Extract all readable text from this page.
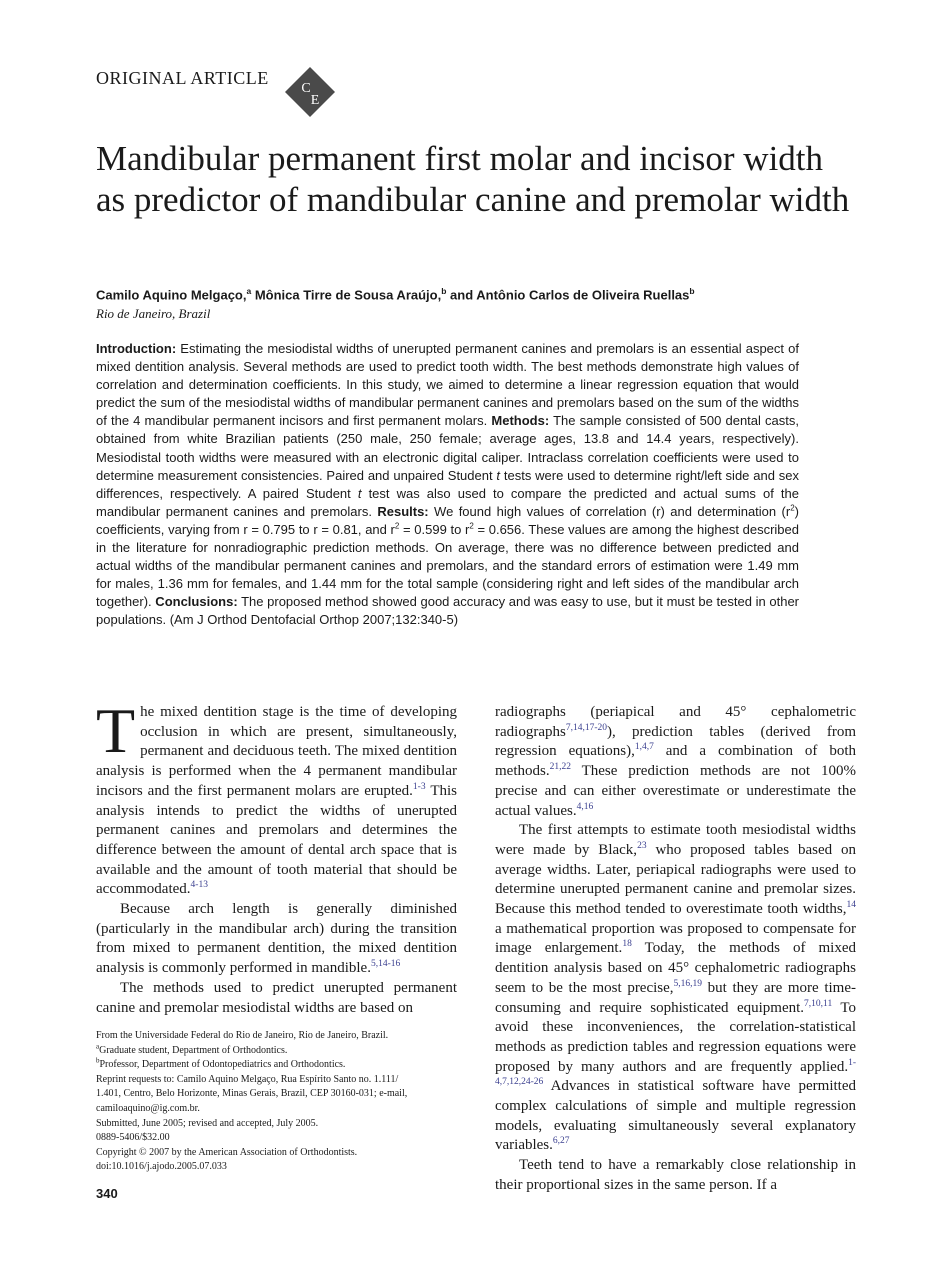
ORIGINAL ARTICLE
C
E
Mandibular permanent first molar and incisor width as predictor of mandibular canine and premolar width
Camilo Aquino Melgaço,$^a$ Mônica Tirre de Sousa Araújo,$^b$ and Antônio Carlos de Oliveira Ruellas$^b$
Rio de Janeiro, Brazil
Introduction: Estimating the mesiodistal widths of unerupted permanent canines and premolars is an essential aspect of mixed dentition analysis. Several methods are used to predict tooth width. The best methods demonstrate high values of correlation and determination coefficients. In this study, we aimed to determine a linear regression equation that would predict the sum of the mesiodistal widths of mandibular permanent canines and premolars based on the sum of the widths of the 4 mandibular permanent incisors and first permanent molars. Methods: The sample consisted of 500 dental casts, obtained from white Brazilian patients (250 male, 250 female; average ages, 13.8 and 14.4 years, respectively). Mesiodistal tooth widths were measured with an electronic digital caliper. Intraclass correlation coefficients were used to determine measurement consistencies. Paired and unpaired Student t tests were used to determine right/left side and sex differences, respectively. A paired Student t test was also used to compare the predicted and actual sums of the mandibular permanent canines and premolars. Results: We found high values of correlation (r) and determination $(r^2)$ coefficients, varying from r = 0.795 to r = 0.81, and $r^2 = 0.599$ to $r^2 = 0.656$. These values are among the highest described in the literature for nonradiographic prediction methods. On average, there was no difference between predicted and actual widths of the mandibular permanent canines and premolars, and the standard errors of estimation were 1.49 mm for males, 1.36 mm for females, and 1.44 mm for the total sample (considering right and left sides of the mandibular arch together). Conclusions: The proposed method showed good accuracy and was easy to use, but it must be tested in other populations. (Am J Orthod Dentofacial Orthop 2007;132:340-5)

The mixed dentition stage is the time of developing occlusion in which are present, simultaneously, permanent and deciduous teeth. The mixed dentition analysis is performed when the 4 permanent mandibular incisors and the first permanent molars are erupted.$^{1-3}$ This analysis intends to predict the widths of unerupted permanent canines and premolars and determines the difference between the amount of dental arch space that is available and the amount of tooth material that should be accommodated.$^{4-13}$

Because arch length is generally diminished (particularly in the mandibular arch) during the transition from mixed to permanent dentition, the mixed dentition analysis is commonly performed in mandible.$^{5,14-16}$

The methods used to predict unerupted permanent canine and premolar mesiodistal widths are based on

From the Universidade Federal do Rio de Janeiro, Rio de Janeiro, Brazil.
$^a$Graduate student, Department of Orthodontics.
$^b$Professor, Department of Odontopediatrics and Orthodontics.
Reprint requests to: Camilo Aquino Melgaço, Rua Espírito Santo no. 1.111/
1.401, Centro, Belo Horizonte, Minas Gerais, Brazil, CEP 30160-031; e-mail,
camiloaquino@ig.com.br.
Submitted, June 2005; revised and accepted, July 2005.
0889-5406/$32.00
Copyright © 2007 by the American Association of Orthodontists.
doi:10.1016/j.ajodo.2005.07.033
340

radiographs (periapical and 45° cephalometric radiographs$^{7,14,17-20}$), prediction tables (derived from regression equations),$^{1,4,7}$ and a combination of both methods.$^{21,22}$ These prediction methods are not 100% precise and can either overestimate or underestimate the actual values.$^{4,16}$

The first attempts to estimate tooth mesiodistal widths were made by Black,$^{23}$ who proposed tables based on average widths. Later, periapical radiographs were used to determine unerupted permanent canine and premolar sizes. Because this method tended to overestimate tooth widths,$^{14}$ a mathematical proportion was proposed to compensate for image enlargement.$^{18}$ Today, the methods of mixed dentition analysis based on 45° cephalometric radiographs seem to be the most precise,$^{5,16,19}$ but they are more time-consuming and require sophisticated equipment.$^{7,10,11}$ To avoid these inconveniences, the correlation-statistical methods as prediction tables and regression equations were proposed by many authors and are frequently applied.$^{1-4,7,12,24-26}$ Advances in statistical software have permitted complex calculations of simple and multiple regression models, evaluating simultaneously several explanatory variables.$^{6,27}$

Teeth tend to have a remarkably close relationship in their proportional sizes in the same person. If a
